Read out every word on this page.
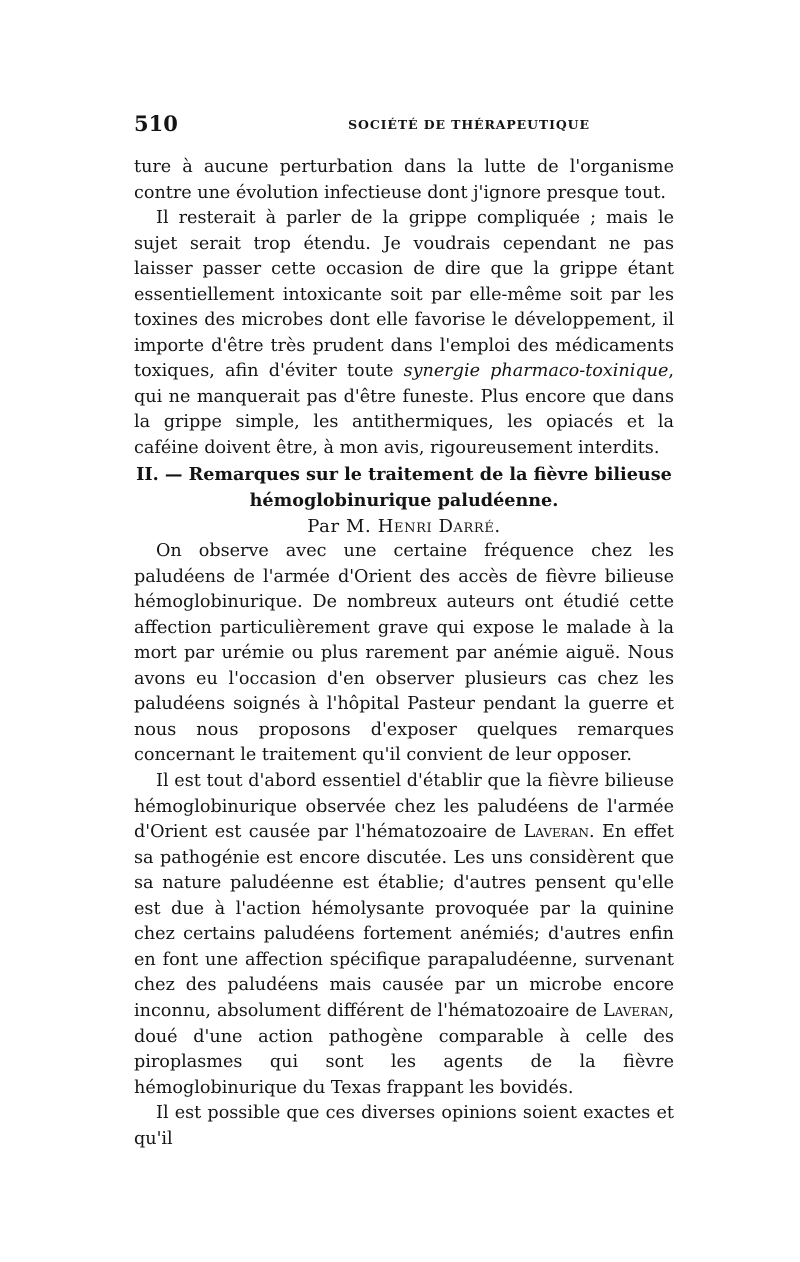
510	SOCIÉTÉ DE THÉRAPEUTIQUE

ture à aucune perturbation dans la lutte de l'organisme contre une évolution infectieuse dont j'ignore presque tout.

Il resterait à parler de la grippe compliquée ; mais le sujet serait trop étendu. Je voudrais cependant ne pas laisser passer cette occasion de dire que la grippe étant essentiellement intoxicante soit par elle-même soit par les toxines des microbes dont elle favorise le développement, il importe d'être très prudent dans l'emploi des médicaments toxiques, afin d'éviter toute synergie pharmaco-toxinique, qui ne manquerait pas d'être funeste. Plus encore que dans la grippe simple, les antithermiques, les opiacés et la caféine doivent être, à mon avis, rigoureusement interdits.

II. — Remarques sur le traitement de la fièvre bilieuse
hémoglobinurique paludéenne.

Par M. Henri Darré.

On observe avec une certaine fréquence chez les paludéens de l'armée d'Orient des accès de fièvre bilieuse hémoglobinurique. De nombreux auteurs ont étudié cette affection particulièrement grave qui expose le malade à la mort par urémie ou plus rarement par anémie aiguë. Nous avons eu l'occasion d'en observer plusieurs cas chez les paludéens soignés à l'hôpital Pasteur pendant la guerre et nous nous proposons d'exposer quelques remarques concernant le traitement qu'il convient de leur opposer.

Il est tout d'abord essentiel d'établir que la fièvre bilieuse hémoglobinurique observée chez les paludéens de l'armée d'Orient est causée par l'hématozoaire de Laveran. En effet sa pathogénie est encore discutée. Les uns considèrent que sa nature paludéenne est établie; d'autres pensent qu'elle est due à l'action hémolysante provoquée par la quinine chez certains paludéens fortement anémiés; d'autres enfin en font une affection spécifique parapaludéenne, survenant chez des paludéens mais causée par un microbe encore inconnu, absolument différent de l'hématozoaire de Laveran, doué d'une action pathogène comparable à celle des piroplasmes qui sont les agents de la fièvre hémoglobinurique du Texas frappant les bovidés.

Il est possible que ces diverses opinions soient exactes et qu'il
